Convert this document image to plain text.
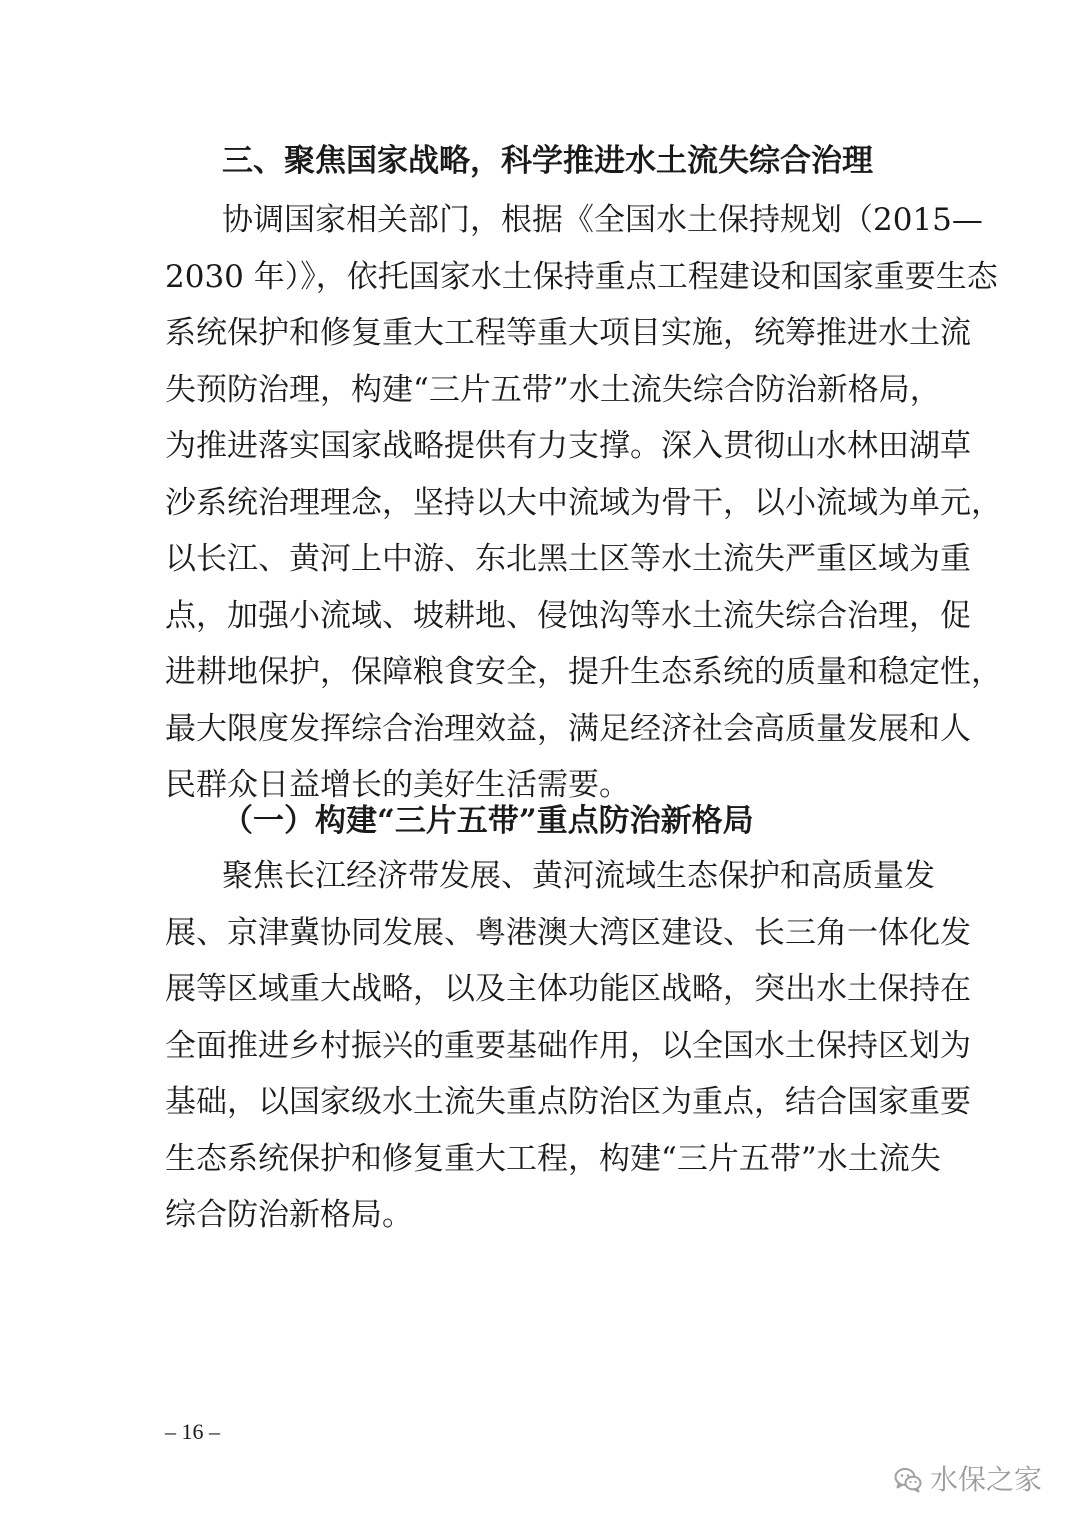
三、聚焦国家战略，科学推进水土流失综合治理
（一）构建“三片五带”重点防治新格局
– 16 –
水保之家
协调国家相关部门，根据《全国水土保持规划（2015—
2030 年）》，依托国家水土保持重点工程建设和国家重要生态
系统保护和修复重大工程等重大项目实施，统筹推进水土流
失预防治理，构建“三片五带”水土流失综合防治新格局，
为推进落实国家战略提供有力支撑。深入贯彻山水林田湖草
沙系统治理理念，坚持以大中流域为骨干，以小流域为单元，
以长江、黄河上中游、东北黑土区等水土流失严重区域为重
点，加强小流域、坡耕地、侵蚀沟等水土流失综合治理，促
进耕地保护，保障粮食安全，提升生态系统的质量和稳定性，
最大限度发挥综合治理效益，满足经济社会高质量发展和人
民群众日益增长的美好生活需要。
聚焦长江经济带发展、黄河流域生态保护和高质量发
展、京津冀协同发展、粤港澳大湾区建设、长三角一体化发
展等区域重大战略，以及主体功能区战略，突出水土保持在
全面推进乡村振兴的重要基础作用，以全国水土保持区划为
基础，以国家级水土流失重点防治区为重点，结合国家重要
生态系统保护和修复重大工程，构建“三片五带”水土流失
综合防治新格局。
